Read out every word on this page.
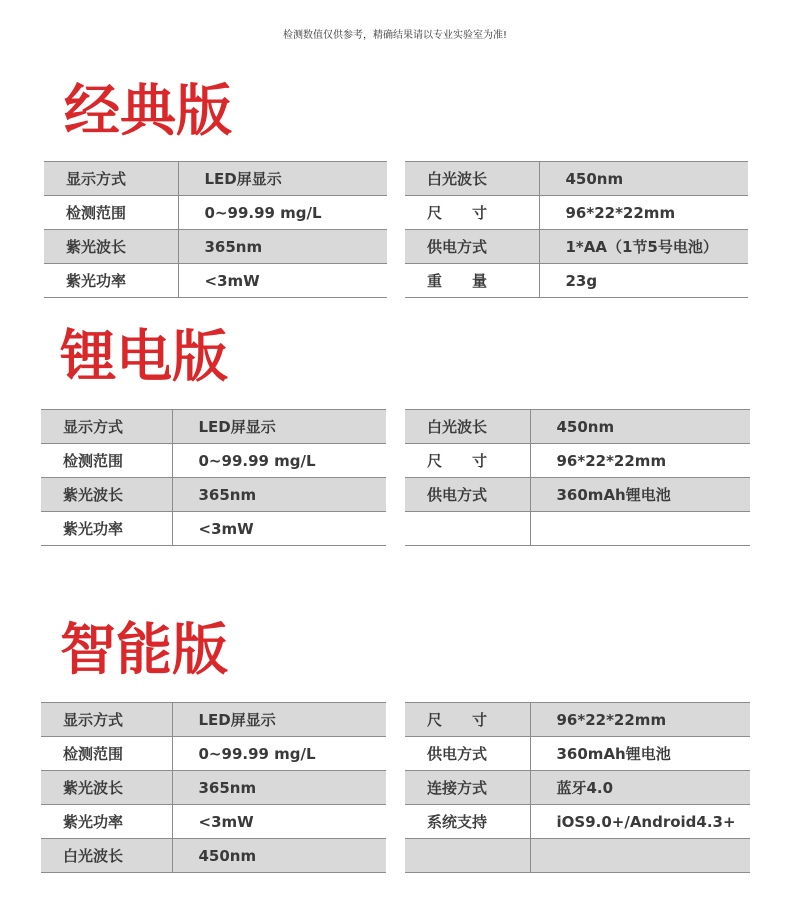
检测数值仅供参考，精确结果请以专业实验室为准!
经典版
显示方式	LED屏显示
检测范围	0~99.99 mg/L
紫光波长	365nm
紫光功率	<3mW
白光波长	450nm
尺　　寸	96*22*22mm
供电方式	1*AA（1节5号电池）
重　　量	23g
锂电版
显示方式	LED屏显示
检测范围	0~99.99 mg/L
紫光波长	365nm
紫光功率	<3mW
白光波长	450nm
尺　　寸	96*22*22mm
供电方式	360mAh锂电池

智能版
显示方式	LED屏显示
检测范围	0~99.99 mg/L
紫光波长	365nm
紫光功率	<3mW
白光波长	450nm
尺　　寸	96*22*22mm
供电方式	360mAh锂电池
连接方式	蓝牙4.0
系统支持	iOS9.0+/Android4.3+
